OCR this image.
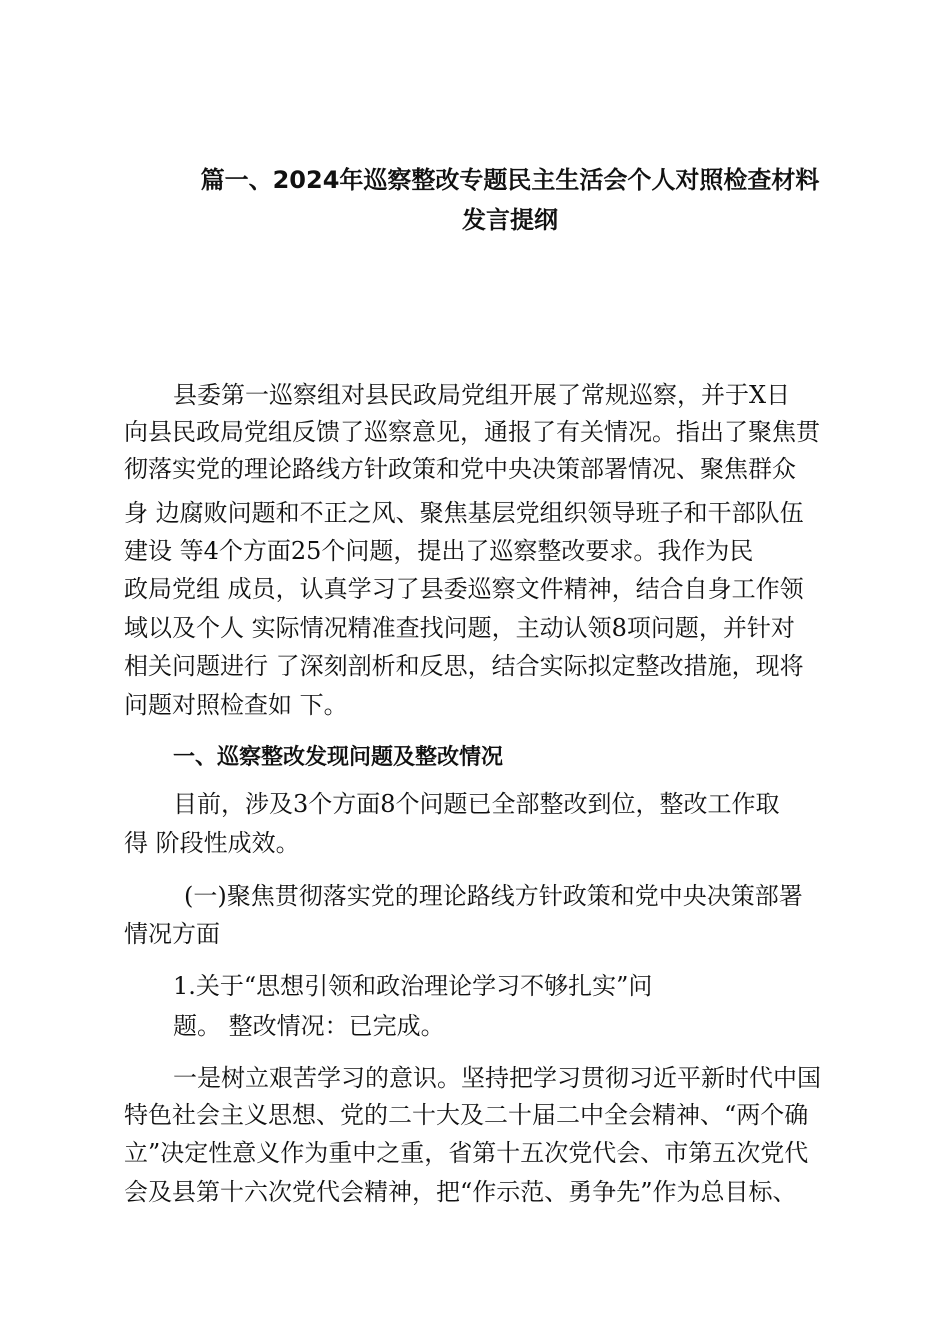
篇一、2024年巡察整改专题民主生活会个人对照检查材料
发言提纲
县委第一巡察组对县民政局党组开展了常规巡察，并于X日
向县民政局党组反馈了巡察意见，通报了有关情况。指出了聚焦贯
彻落实党的理论路线方针政策和党中央决策部署情况、聚焦群众
身 边腐败问题和不正之风、聚焦基层党组织领导班子和干部队伍
建设 等4个方面25个问题，提出了巡察整改要求。我作为民
政局党组 成员，认真学习了县委巡察文件精神，结合自身工作领
域以及个人 实际情况精准查找问题，主动认领8项问题，并针对
相关问题进行 了深刻剖析和反思，结合实际拟定整改措施，现将
问题对照检查如 下。
一、巡察整改发现问题及整改情况
目前，涉及3个方面8个问题已全部整改到位，整改工作取
得 阶段性成效。
(一)聚焦贯彻落实党的理论路线方针政策和党中央决策部署
情况方面
1.关于“思想引领和政治理论学习不够扎实”问
题。 整改情况：已完成。
一是树立艰苦学习的意识。坚持把学习贯彻习近平新时代中国
特色社会主义思想、党的二十大及二十届二中全会精神、“两个确
立”决定性意义作为重中之重，省第十五次党代会、市第五次党代
会及县第十六次党代会精神，把“作示范、勇争先”作为总目标、
